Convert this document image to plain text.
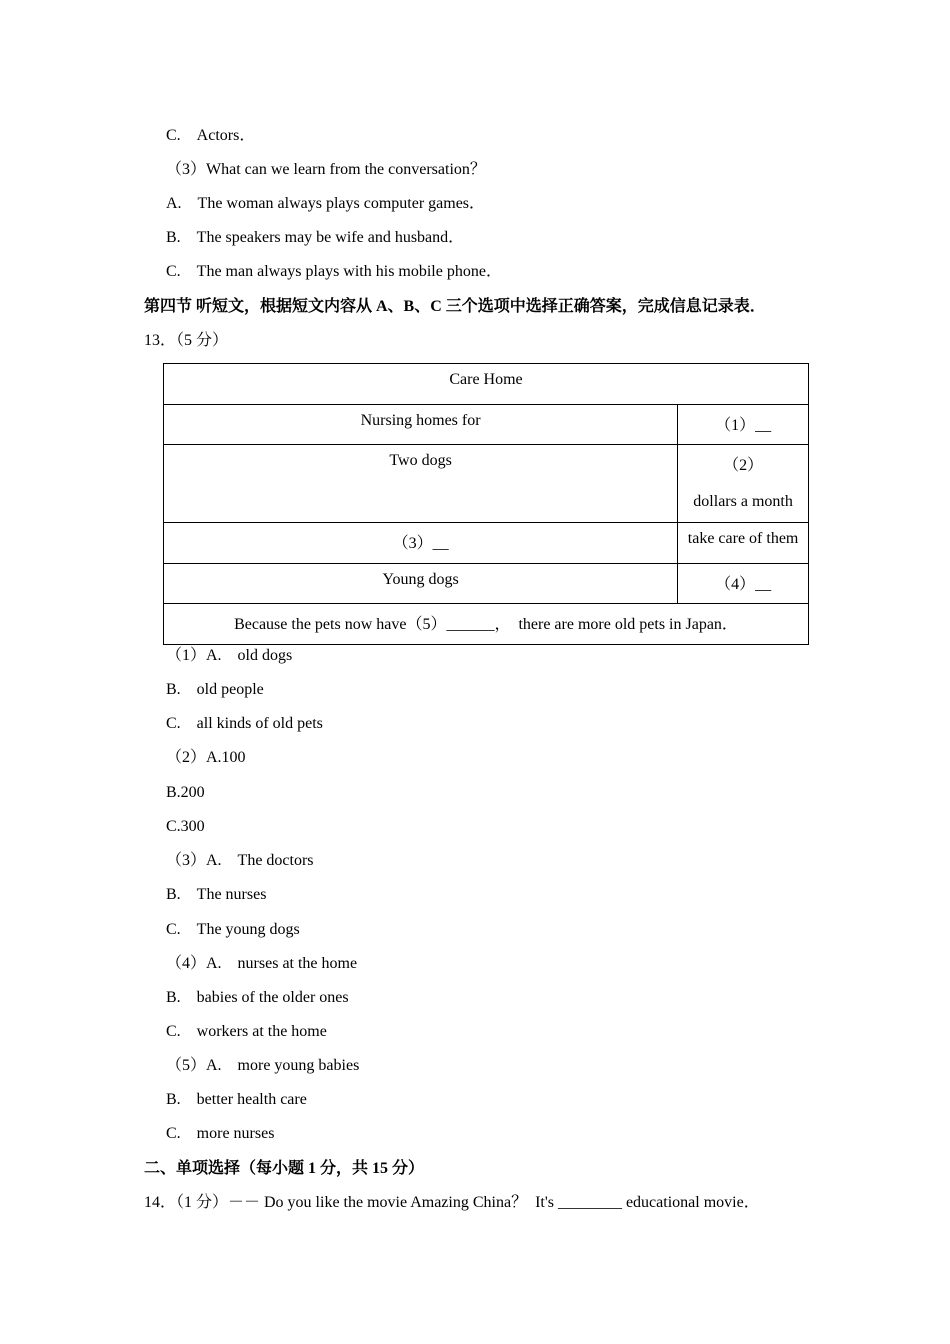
C.　Actors．
（3）What can we learn from the conversation？
A.　The woman always plays computer games．
B.　The speakers may be wife and husband．
C.　The man always plays with his mobile phone．
第四节 听短文，根据短文内容从 A、B、C 三个选项中选择正确答案，完成信息记录表．
13．（5 分）
Care Home	
Nursing homes for	（1）__
Two dogs	（2）
dollars a month

（3）__	take care of them
Young dogs	（4）__
Because the pets now have（5）______，  there are more old pets in Japan．	
（1）A.　old dogs
B.　old people
C.　all kinds of old pets
（2）A.100
B.200
C.300
（3）A.　The doctors
B.　The nurses
C.　The young dogs
（4）A.　nurses at the home
B.　babies of the older ones
C.　workers at the home
（5）A.　more young babies
B.　better health care
C.　more nurses
二、单项选择（每小题 1 分，共 15 分）
14．（1 分）－－ Do you like the movie Amazing China？  It's ________ educational movie．
